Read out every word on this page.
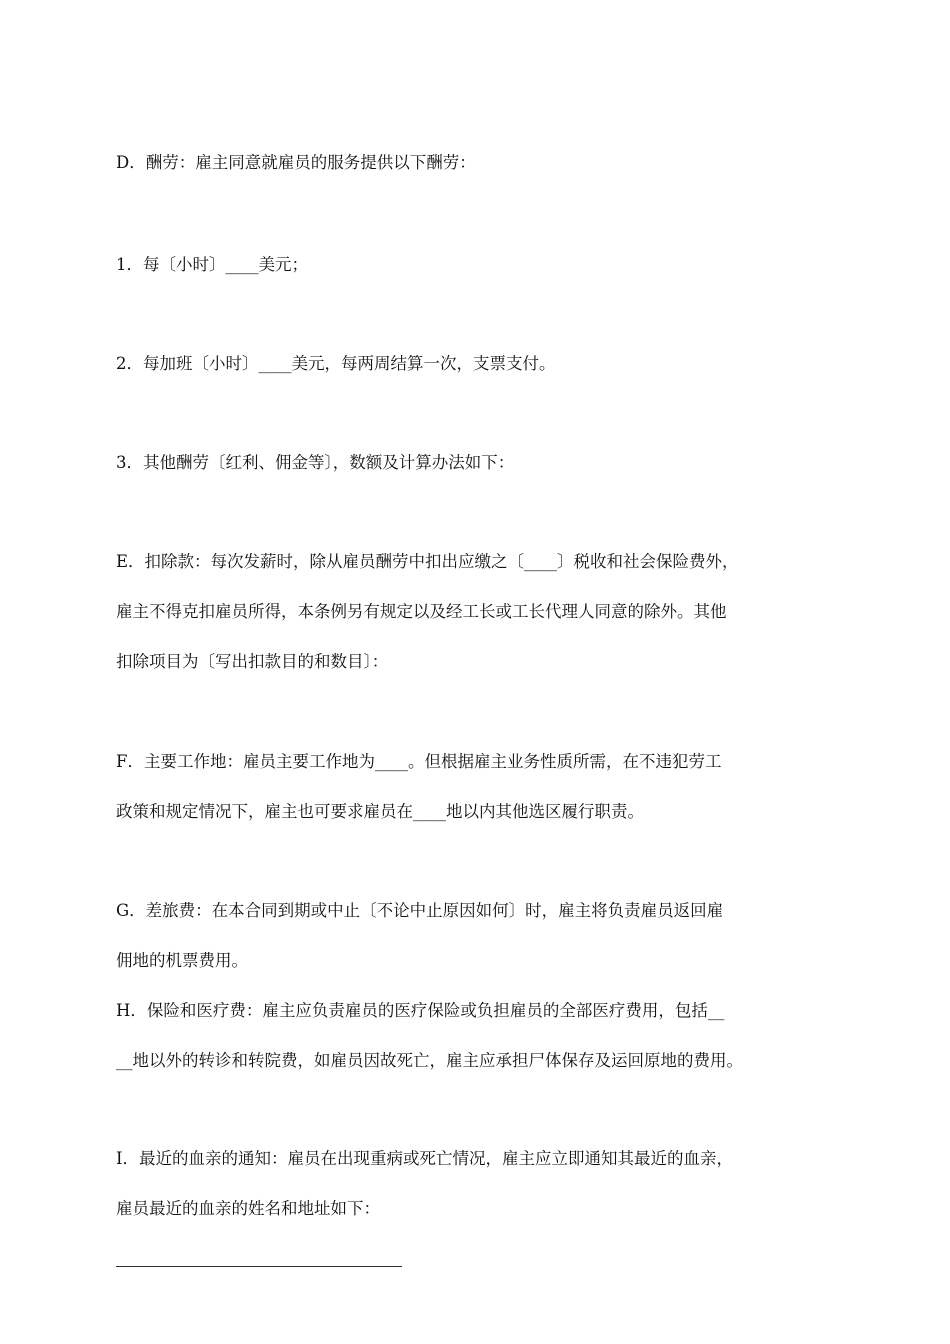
D．酬劳：雇主同意就雇员的服务提供以下酬劳：
1．每〔小时〕____美元；
2．每加班〔小时〕____美元，每两周结算一次，支票支付。
3．其他酬劳〔红利、佣金等〕，数额及计算办法如下：
E．扣除款：每次发薪时，除从雇员酬劳中扣出应缴之〔____〕税收和社会保险费外，
雇主不得克扣雇员所得，本条例另有规定以及经工长或工长代理人同意的除外。其他
扣除项目为〔写出扣款目的和数目〕：
F．主要工作地：雇员主要工作地为____。但根据雇主业务性质所需，在不违犯劳工
政策和规定情况下，雇主也可要求雇员在____地以内其他选区履行职责。
G．差旅费：在本合同到期或中止〔不论中止原因如何〕时，雇主将负责雇员返回雇
佣地的机票费用。
H．保险和医疗费：雇主应负责雇员的医疗保险或负担雇员的全部医疗费用，包括__
__地以外的转诊和转院费，如雇员因故死亡，雇主应承担尸体保存及运回原地的费用。
I．最近的血亲的通知：雇员在出现重病或死亡情况，雇主应立即通知其最近的血亲，
雇员最近的血亲的姓名和地址如下：
